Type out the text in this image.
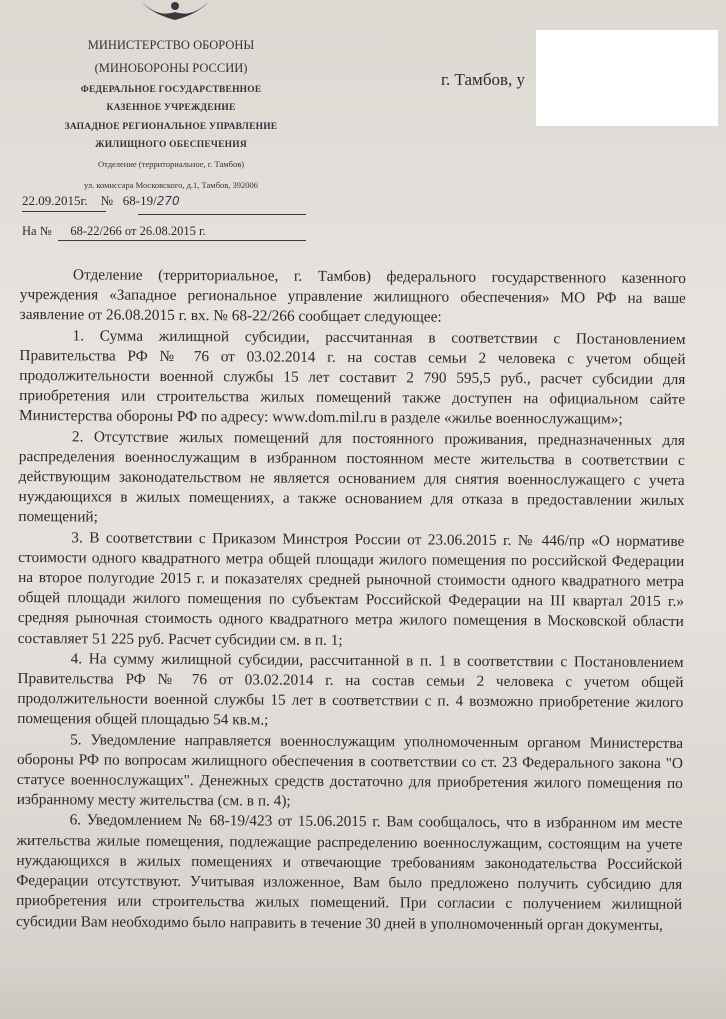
МИНИСТЕРСТВО ОБОРОНЫ
(МИНОБОРОНЫ РОССИИ)
ФЕДЕРАЛЬНОЕ ГОСУДАРСТВЕННОЕ
КАЗЕННОЕ УЧРЕЖДЕНИЕ
ЗАПАДНОЕ РЕГИОНАЛЬНОЕ УПРАВЛЕНИЕ
ЖИЛИЩНОГО ОБЕСПЕЧЕНИЯ
Отделение (территориальное, г. Тамбов)
ул. комиссара Московского, д.1, Тамбов, 392006
г. Тамбов, у
22.09.2015г. № 68-19/270
На № 68-22/266 от 26.08.2015 г.

Отделение (территориальное, г. Тамбов) федерального государственного казенного учреждения «Западное региональное управление жилищного обеспечения» МО РФ на ваше заявление от 26.08.2015 г. вх. № 68-22/266 сообщает следующее:

1. Сумма жилищной субсидии, рассчитанная в соответствии с Постановлением Правительства РФ № 76 от 03.02.2014 г. на состав семьи 2 человека с учетом общей продолжительности военной службы 15 лет составит 2 790 595,5 руб., расчет субсидии для приобретения или строительства жилых помещений также доступен на официальном сайте Министерства обороны РФ по адресу: www.dom.mil.ru в разделе «жилье военнослужащим»;

2. Отсутствие жилых помещений для постоянного проживания, предназначенных для распределения военнослужащим в избранном постоянном месте жительства в соответствии с действующим законодательством не является основанием для снятия военнослужащего с учета нуждающихся в жилых помещениях, а также основанием для отказа в предоставлении жилых помещений;

3. В соответствии с Приказом Минстроя России от 23.06.2015 г. № 446/пр «О нормативе стоимости одного квадратного метра общей площади жилого помещения по российской Федерации на второе полугодие 2015 г. и показателях средней рыночной стоимости одного квадратного метра общей площади жилого помещения по субъектам Российской Федерации на III квартал 2015 г.» средняя рыночная стоимость одного квадратного метра жилого помещения в Московской области составляет 51 225 руб. Расчет субсидии см. в п. 1;

4. На сумму жилищной субсидии, рассчитанной в п. 1 в соответствии с Постановлением Правительства РФ № 76 от 03.02.2014 г. на состав семьи 2 человека с учетом общей продолжительности военной службы 15 лет в соответствии с п. 4 возможно приобретение жилого помещения общей площадью 54 кв.м.;

5. Уведомление направляется военнослужащим уполномоченным органом Министерства обороны РФ по вопросам жилищного обеспечения в соответствии со ст. 23 Федерального закона "О статусе военнослужащих". Денежных средств достаточно для приобретения жилого помещения по избранному месту жительства (см. в п. 4);

6. Уведомлением № 68-19/423 от 15.06.2015 г. Вам сообщалось, что в избранном им месте жительства жилые помещения, подлежащие распределению военнослужащим, состоящим на учете нуждающихся в жилых помещениях и отвечающие требованиям законодательства Российской Федерации отсутствуют. Учитывая изложенное, Вам было предложено получить субсидию для приобретения или строительства жилых помещений. При согласии с получением жилищной субсидии Вам необходимо было направить в течение 30 дней в уполномоченный орган документы,
